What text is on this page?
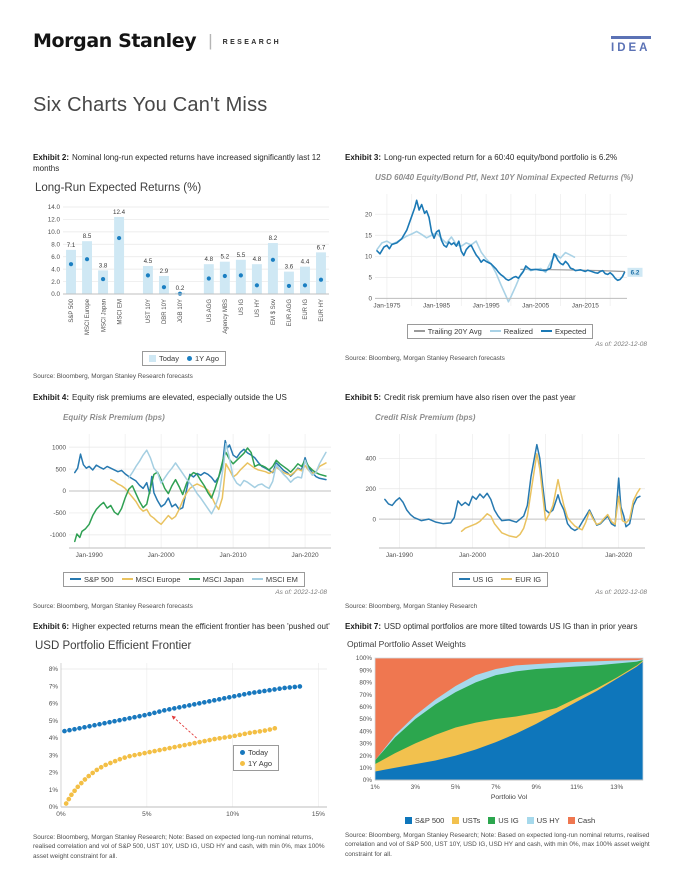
Morgan Stanley | RESEARCH	IDEA
Six Charts You Can't Miss

Exhibit 2: Nominal long-run expected returns have increased significantly last 12 months

Long-Run Expected Returns (%)
0.0
2.0
4.0
6.0
8.0
10.0
12.0
14.0
7.1
S&P 500
8.5
MSCI Europe
3.8
MSCI Japan
12.4
MSCI EM
4.5
UST 10Y
2.9
DBR 10Y
0.2
JGB 10Y
4.8
US AGG
5.2
Agency MBS
5.5
US IG
4.8
US HY
8.2
EM $ Sov
3.6
EUR AGG
4.4
EUR IG
6.7
EUR HY
Today 1Y Ago

Source: Bloomberg, Morgan Stanley Research forecasts

Exhibit 3: Long-run expected return for a 60:40 equity/bond portfolio is 6.2%

USD 60/40 Equity/Bond Ptf, Next 10Y Nominal Expected Returns (%)
0
5
10
15
20
Jan-1975	Jan-1985	Jan-1995	Jan-2005	Jan-2015
6.2
Trailing 20Y Avg	Realized	Expected
As of: 2022-12-08

Source: Bloomberg, Morgan Stanley Research forecasts

Exhibit 4: Equity risk premiums are elevated, especially outside the US

Equity Risk Premium (bps)
-1000
-500
0
500
1000
Jan-1990	Jan-2000	Jan-2010	Jan-2020
S&P 500	MSCI Europe	MSCI Japan	MSCI EM
As of: 2022-12-08

Source: Bloomberg, Morgan Stanley Research forecasts

Exhibit 5: Credit risk premium have also risen over the past year

Credit Risk Premium (bps)
0
200
400
Jan-1990	Jan-2000	Jan-2010	Jan-2020
US IG	EUR IG
As of: 2022-12-08

Source: Bloomberg, Morgan Stanley Research

Exhibit 6: Higher expected returns mean the efficient frontier has been 'pushed out'

USD Portfolio Efficient Frontier
0%
1%
2%
3%
4%
5%
6%
7%
8%
0%	5%	10%	15%
Today
1Y Ago

Source: Bloomberg, Morgan Stanley Research; Note: Based on expected long-run nominal returns, realised correlation and vol of S&P 500, UST 10Y, USD IG, USD HY and cash, with min 0%, max 100% asset weight constraint for all.

Exhibit 7: USD optimal portfolios are more tilted towards US IG than in prior years

Optimal Portfolio Asset Weights
0%
10%
20%
30%
40%
50%
60%
70%
80%
90%
100%
1%	3%	5%	7%	9%	11%	13%
Portfolio Vol
S&P 500 USTs US IG US HY Cash

Source: Bloomberg, Morgan Stanley Research; Note: Based on expected long-run nominal returns, realised correlation and vol of S&P 500, UST 10Y, USD IG, USD HY and cash, with min 0%, max 100% asset weight constraint for all.
